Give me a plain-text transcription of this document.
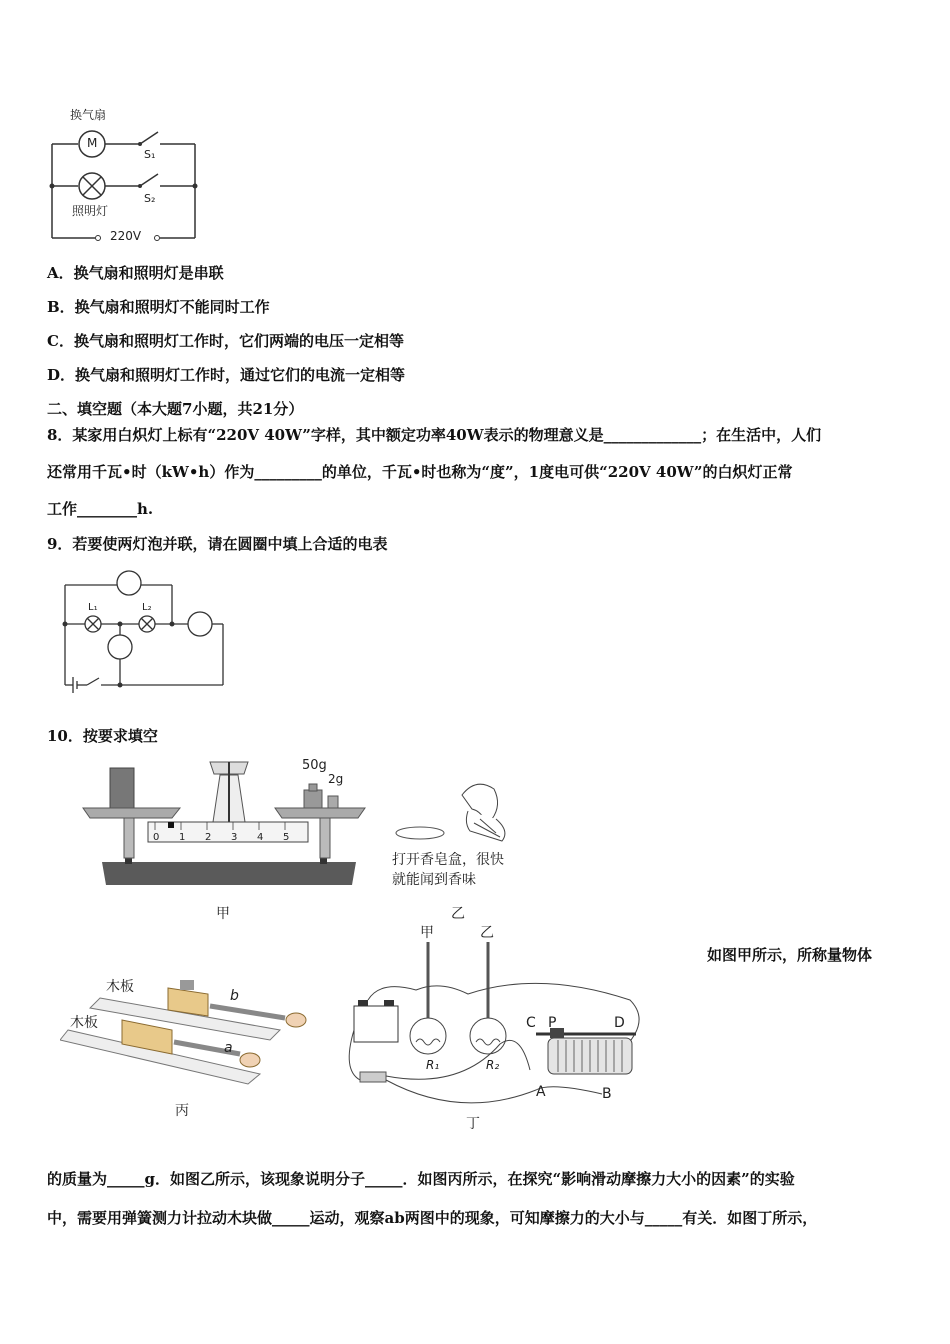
换气扇
M
S₁
S₂
照明灯
220V
A．换气扇和照明灯是串联
B．换气扇和照明灯不能同时工作
C．换气扇和照明灯工作时，它们两端的电压一定相等
D．换气扇和照明灯工作时，通过它们的电流一定相等
二、填空题（本大题7小题，共21分）
8．某家用白炽灯上标有“220V 40W”字样，其中额定功率40W表示的物理意义是_____________；在生活中，人们
还常用千瓦•时（kW•h）作为_________的单位，千瓦•时也称为“度”，1度电可供“220V 40W”的白炽灯正常
工作________h.
9．若要使两灯泡并联，请在圆圈中填上合适的电表
L₁	L₂
10．按要求填空
0 1 2 3 4 5
50g
2g
甲
打开香皂盒，很快
就能闻到香味
乙
木板
木板
b
a
丙
甲	乙
R₁	R₂
C P	D
A	B
丁
如图甲所示，所称量物体
的质量为_____g．如图乙所示，该现象说明分子_____．如图丙所示，在探究“影响滑动摩擦力大小的因素”的实验
中，需要用弹簧测力计拉动木块做_____运动，观察ab两图中的现象，可知摩擦力的大小与_____有关．如图丁所示，
